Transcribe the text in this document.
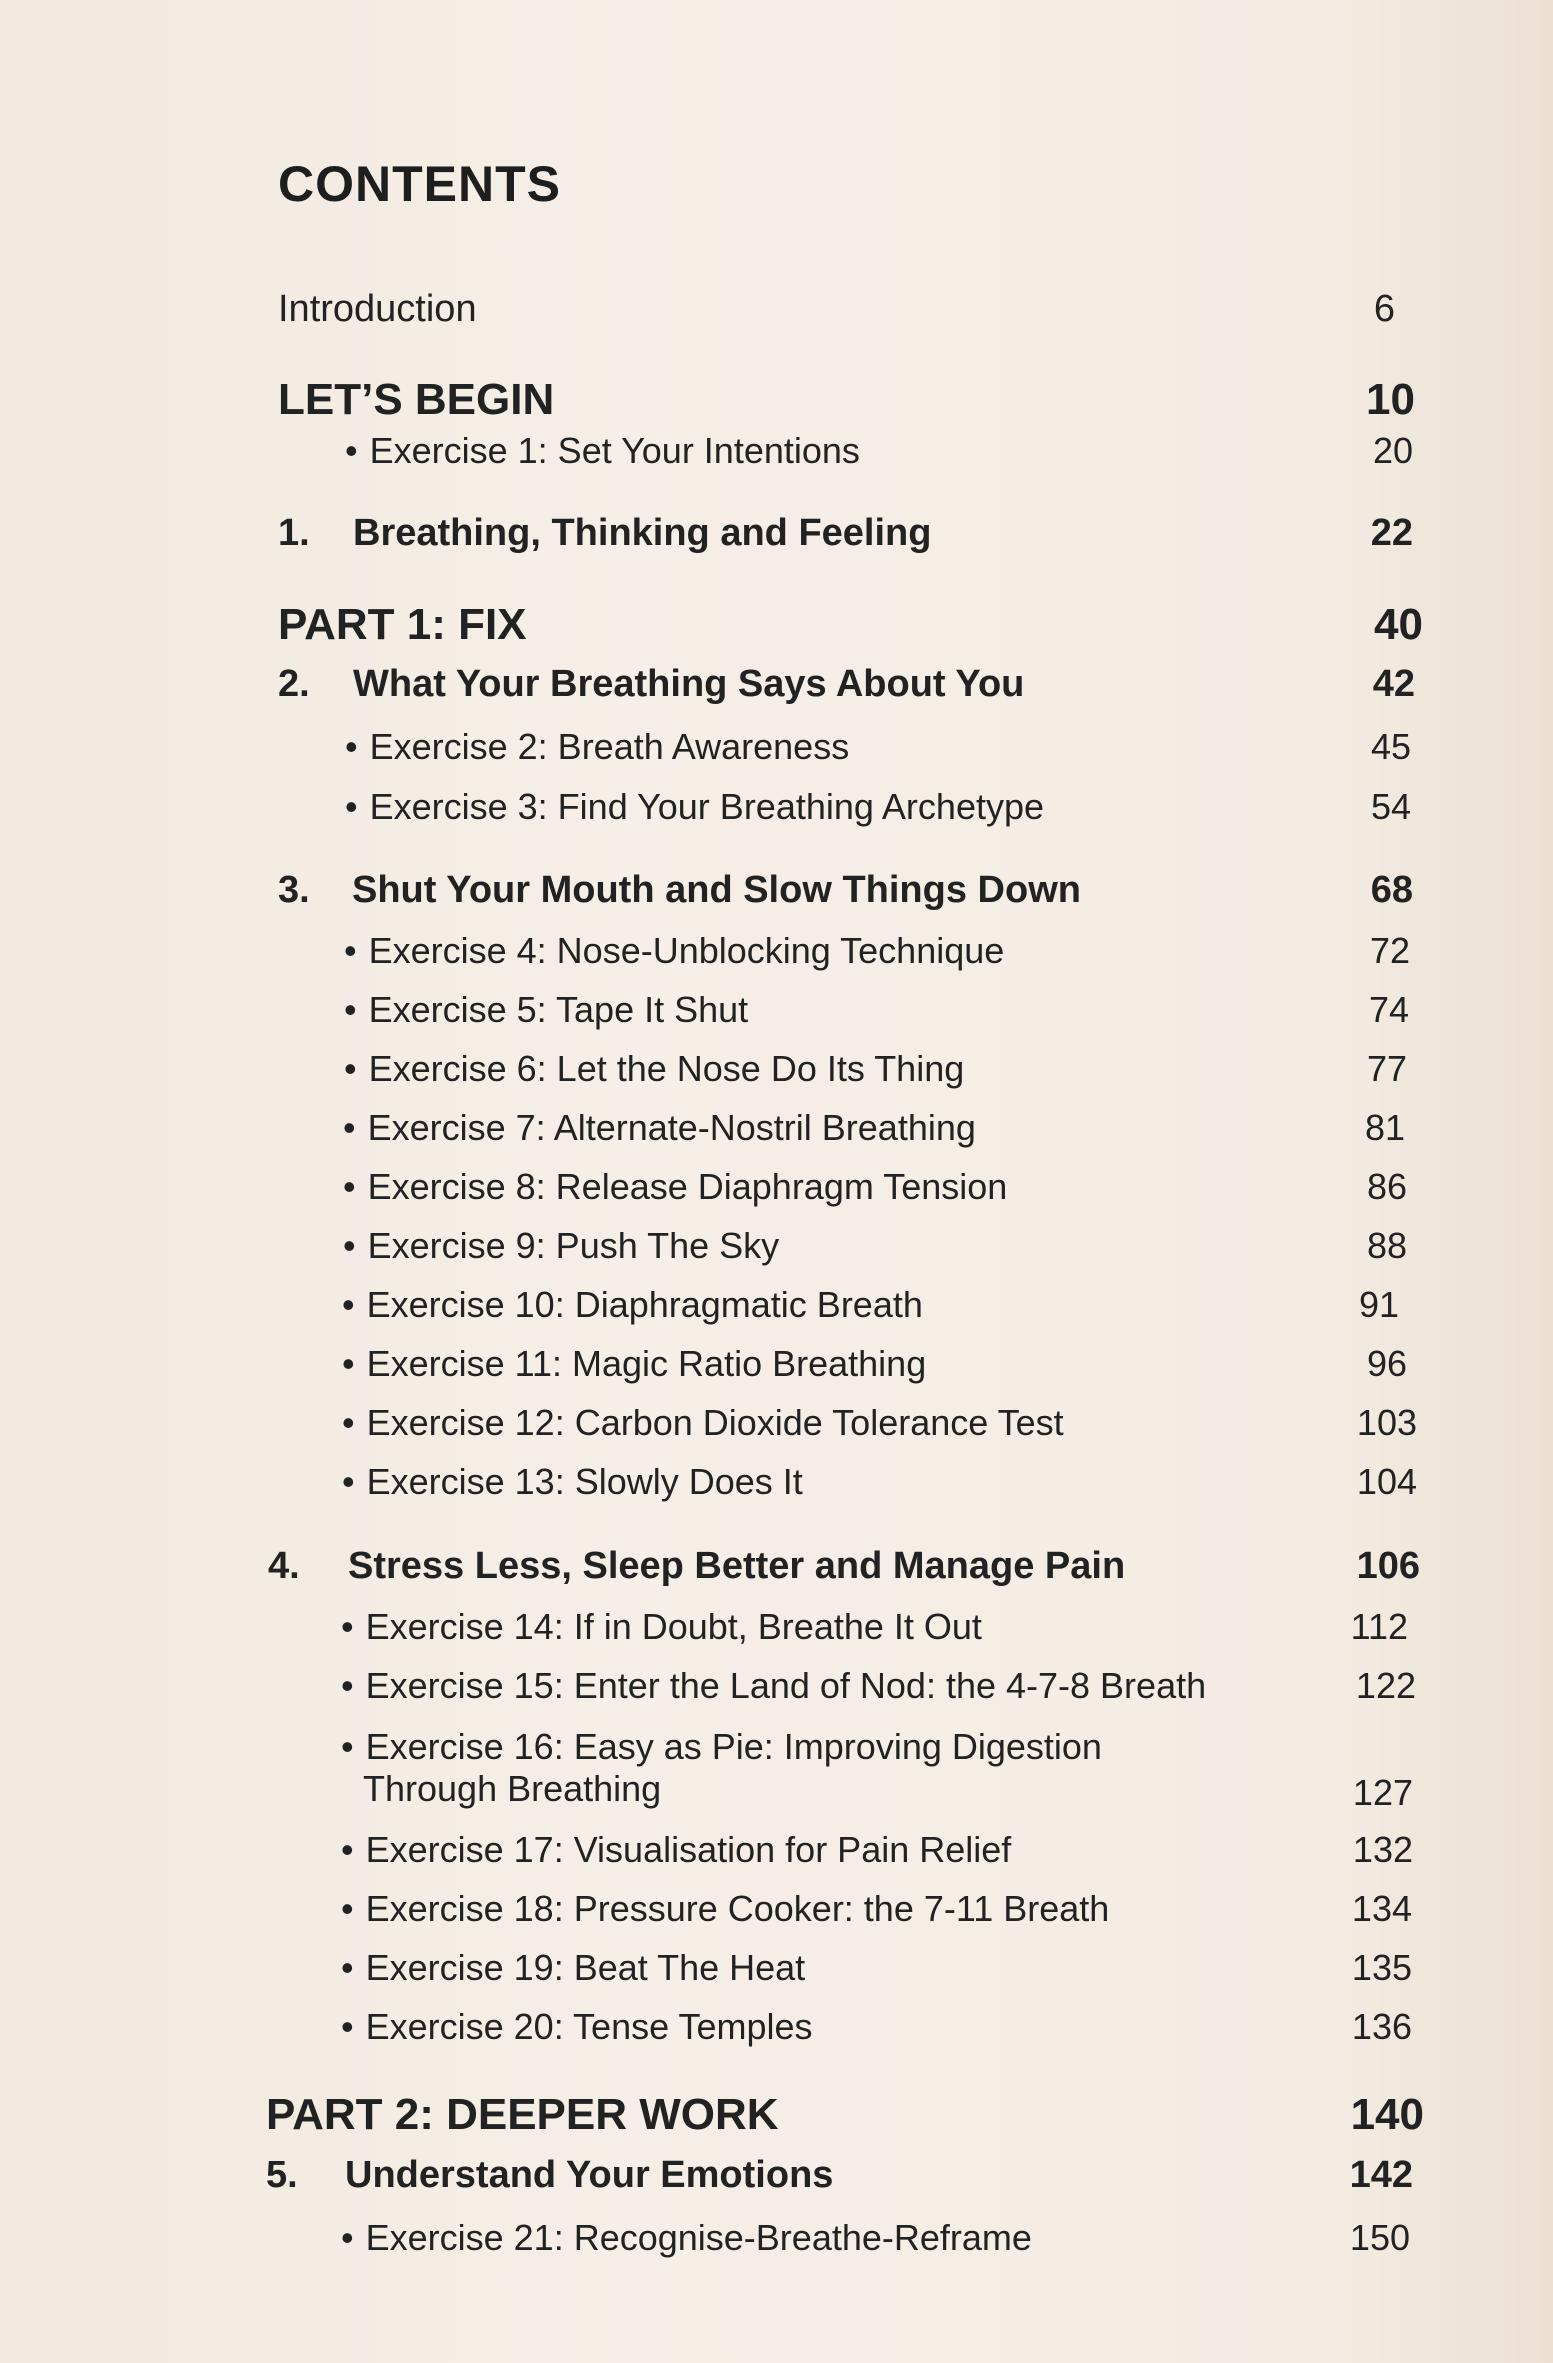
CONTENTS
Introduction	6
LET’S BEGIN	10
• Exercise 1: Set Your Intentions	20
1. Breathing, Thinking and Feeling	22
PART 1: FIX	40
2. What Your Breathing Says About You	42
• Exercise 2: Breath Awareness	45
• Exercise 3: Find Your Breathing Archetype	54
3. Shut Your Mouth and Slow Things Down	68
• Exercise 4: Nose-Unblocking Technique	72
• Exercise 5: Tape It Shut	74
• Exercise 6: Let the Nose Do Its Thing	77
• Exercise 7: Alternate-Nostril Breathing	81
• Exercise 8: Release Diaphragm Tension	86
• Exercise 9: Push The Sky	88
• Exercise 10: Diaphragmatic Breath	91
• Exercise 11: Magic Ratio Breathing	96
• Exercise 12: Carbon Dioxide Tolerance Test	103
• Exercise 13: Slowly Does It	104
4. Stress Less, Sleep Better and Manage Pain	106
• Exercise 14: If in Doubt, Breathe It Out	112
• Exercise 15: Enter the Land of Nod: the 4-7-8 Breath	122
• Exercise 16: Easy as Pie: Improving Digestion
Through Breathing	127
• Exercise 17: Visualisation for Pain Relief	132
• Exercise 18: Pressure Cooker: the 7-11 Breath	134
• Exercise 19: Beat The Heat	135
• Exercise 20: Tense Temples	136
PART 2: DEEPER WORK	140
5. Understand Your Emotions	142
• Exercise 21: Recognise-Breathe-Reframe	150
